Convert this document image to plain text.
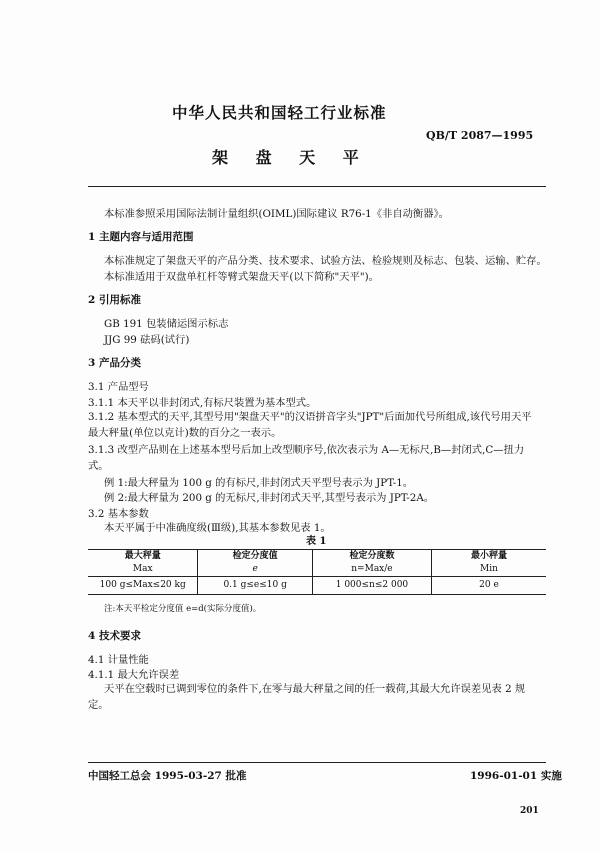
中华人民共和国轻工行业标准
QB/T 2087—1995
架 盘 天 平
本标准参照采用国际法制计量组织(OIML)国际建议 R76-1《非自动衡器》。
1 主题内容与适用范围
本标准规定了架盘天平的产品分类、技术要求、试验方法、检验规则及标志、包装、运输、贮存。
本标准适用于双盘单杠杆等臂式架盘天平(以下简称"天平")。
2 引用标准
GB 191 包装储运图示标志
JJG 99 砝码(试行)
3 产品分类
3.1 产品型号
3.1.1 本天平以非封闭式,有标尺装置为基本型式。
3.1.2 基本型式的天平,其型号用"架盘天平"的汉语拼音字头"JPT"后面加代号所组成,该代号用天平最大秤量(单位以克计)数的百分之一表示。
3.1.3 改型产品则在上述基本型号后加上改型顺序号,依次表示为 A—无标尺,B—封闭式,C—扭力式。
例 1:最大秤量为 100 g 的有标尺,非封闭式天平型号表示为 JPT-1。
例 2:最大秤量为 200 g 的无标尺,非封闭式天平,其型号表示为 JPT-2A。
3.2 基本参数
本天平属于中准确度级(Ⅲ级),其基本参数见表 1。
表 1
最大秤量	检定分度值	检定分度数	最小秤量
Max	e	n=Max/e	Min
100 g≤Max≤20 kg	0.1 g≤e≤10 g	1 000≤n≤2 000	20 e
注:本天平检定分度值 e=d(实际分度值)。
4 技术要求
4.1 计量性能
4.1.1 最大允许误差
天平在空载时已调到零位的条件下,在零与最大秤量之间的任一载荷,其最大允许误差见表 2 规定。
中国轻工总会 1995-03-27 批准	1996-01-01 实施
201
